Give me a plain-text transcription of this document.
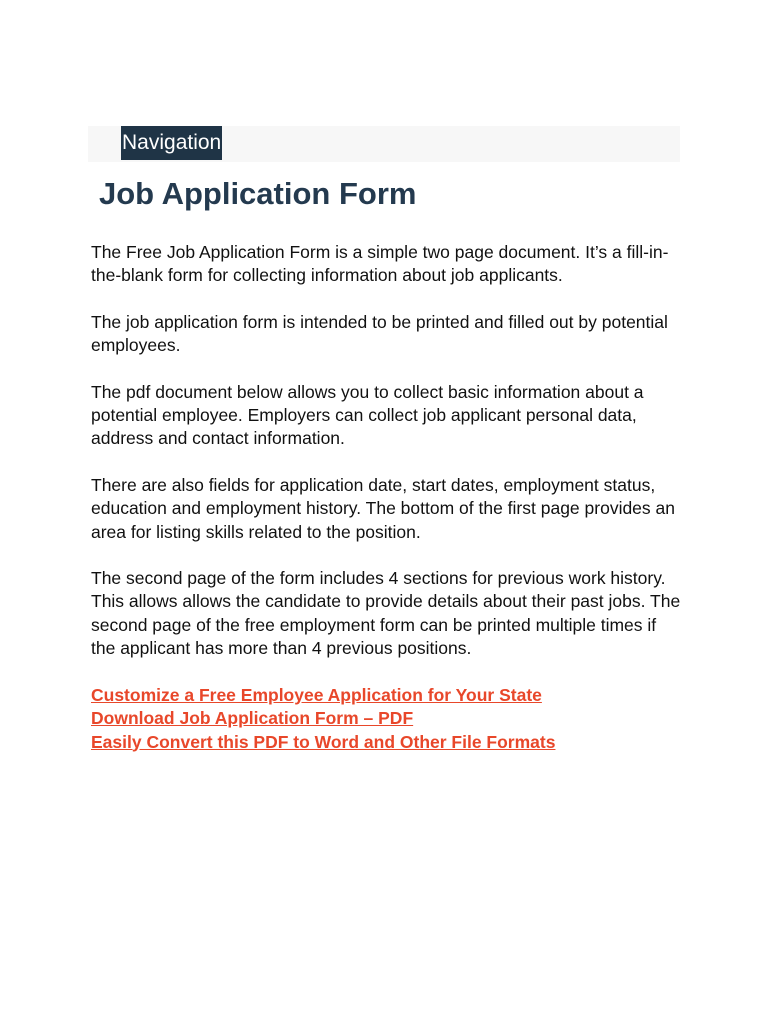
Navigation
Job Application Form

The Free Job Application Form is a simple two page document. It’s a fill-in-the-blank form for collecting information about job applicants.

The job application form is intended to be printed and filled out by potential employees.

The pdf document below allows you to collect basic information about a potential employee. Employers can collect job applicant personal data, address and contact information.

There are also fields for application date, start dates, employment status, education and employment history. The bottom of the first page provides an area for listing skills related to the position.

The second page of the form includes 4 sections for previous work history. This allows allows the candidate to provide details about their past jobs. The second page of the free employment form can be printed multiple times if the applicant has more than 4 previous positions.

Customize a Free Employee Application for Your State
Download Job Application Form – PDF
Easily Convert this PDF to Word and Other File Formats
